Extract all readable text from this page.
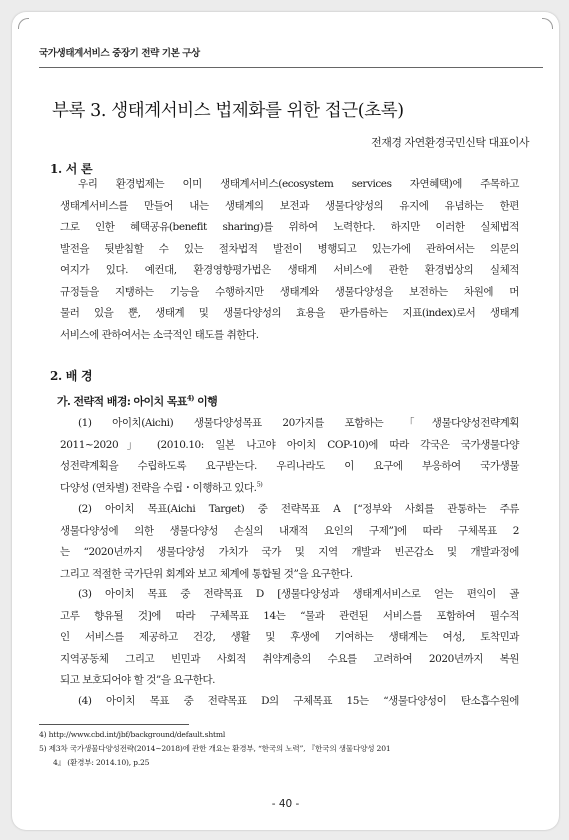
국가생태계서비스 중장기 전략 기본 구상
부록 3. 생태계서비스 법제화를 위한 접근(초록)
전재경 자연환경국민신탁 대표이사
1. 서 론
우리 환경법제는 이미 생태계서비스(ecosystem services 자연혜택)에 주목하고
생태계서비스를 만들어 내는 생태계의 보전과 생물다양성의 유지에 유념하는 한편
그로 인한 혜택공유(benefit sharing)를 위하여 노력한다. 하지만 이러한 실체법적
발전을 뒷받침할 수 있는 절차법적 발전이 병행되고 있는가에 관하여서는 의문의
여지가 있다. 예컨대, 환경영향평가법은 생태계 서비스에 관한 환경법상의 실체적
규정들을 지탱하는 기능을 수행하지만 생태계와 생물다양성을 보전하는 차원에 머
물러 있을 뿐, 생태계 및 생물다양성의 효용을 판가름하는 지표(index)로서 생태계
서비스에 관하여서는 소극적인 태도를 취한다.
2. 배 경
가. 전략적 배경: 아이치 목표$^{4)}$ 이행
(1) 아이치(Aichi) 생물다양성목표 20가지를 포함하는 「생물다양성전략계획
2011~2020」 (2010.10: 일본 나고야 아이치 COP-10)에 따라 각국은 국가생물다양
성전략계획을 수립하도록 요구받는다. 우리나라도 이 요구에 부응하여 국가생물
다양성 (연차별) 전략을 수립・이행하고 있다.$^{5)}$
(2) 아이치 목표(Aichi Target) 중 전략목표 A [“정부와 사회를 관통하는 주류
생물다양성에 의한 생물다양성 손실의 내재적 요인의 구제”]에 따라 구체목표 2
는 “2020년까지 생물다양성 가치가 국가 및 지역 개발과 빈곤감소 및 개발과정에
그리고 적절한 국가단위 회계와 보고 체계에 통합될 것”을 요구한다.
(3) 아이치 목표 중 전략목표 D [생물다양성과 생태계서비스로 얻는 편익이 골
고루 향유될 것]에 따라 구체목표 14는 “물과 관련된 서비스를 포함하여 필수적
인 서비스를 제공하고 건강, 생활 및 후생에 기여하는 생태계는 여성, 토착민과
지역공동체 그리고 빈민과 사회적 취약계층의 수요를 고려하여 2020년까지 복원
되고 보호되어야 할 것”을 요구한다.
(4) 아이치 목표 중 전략목표 D의 구체목표 15는 “생물다양성이 탄소흡수원에
4) http://www.cbd.int/jbf/background/default.shtml
5) 제3차 국가생물다양성전략(2014~2018)에 관한 개요는 환경부, “한국의 노력”, 『한국의 생물다양성 201
4』 (환경부: 2014.10), p.25
- 40 -
